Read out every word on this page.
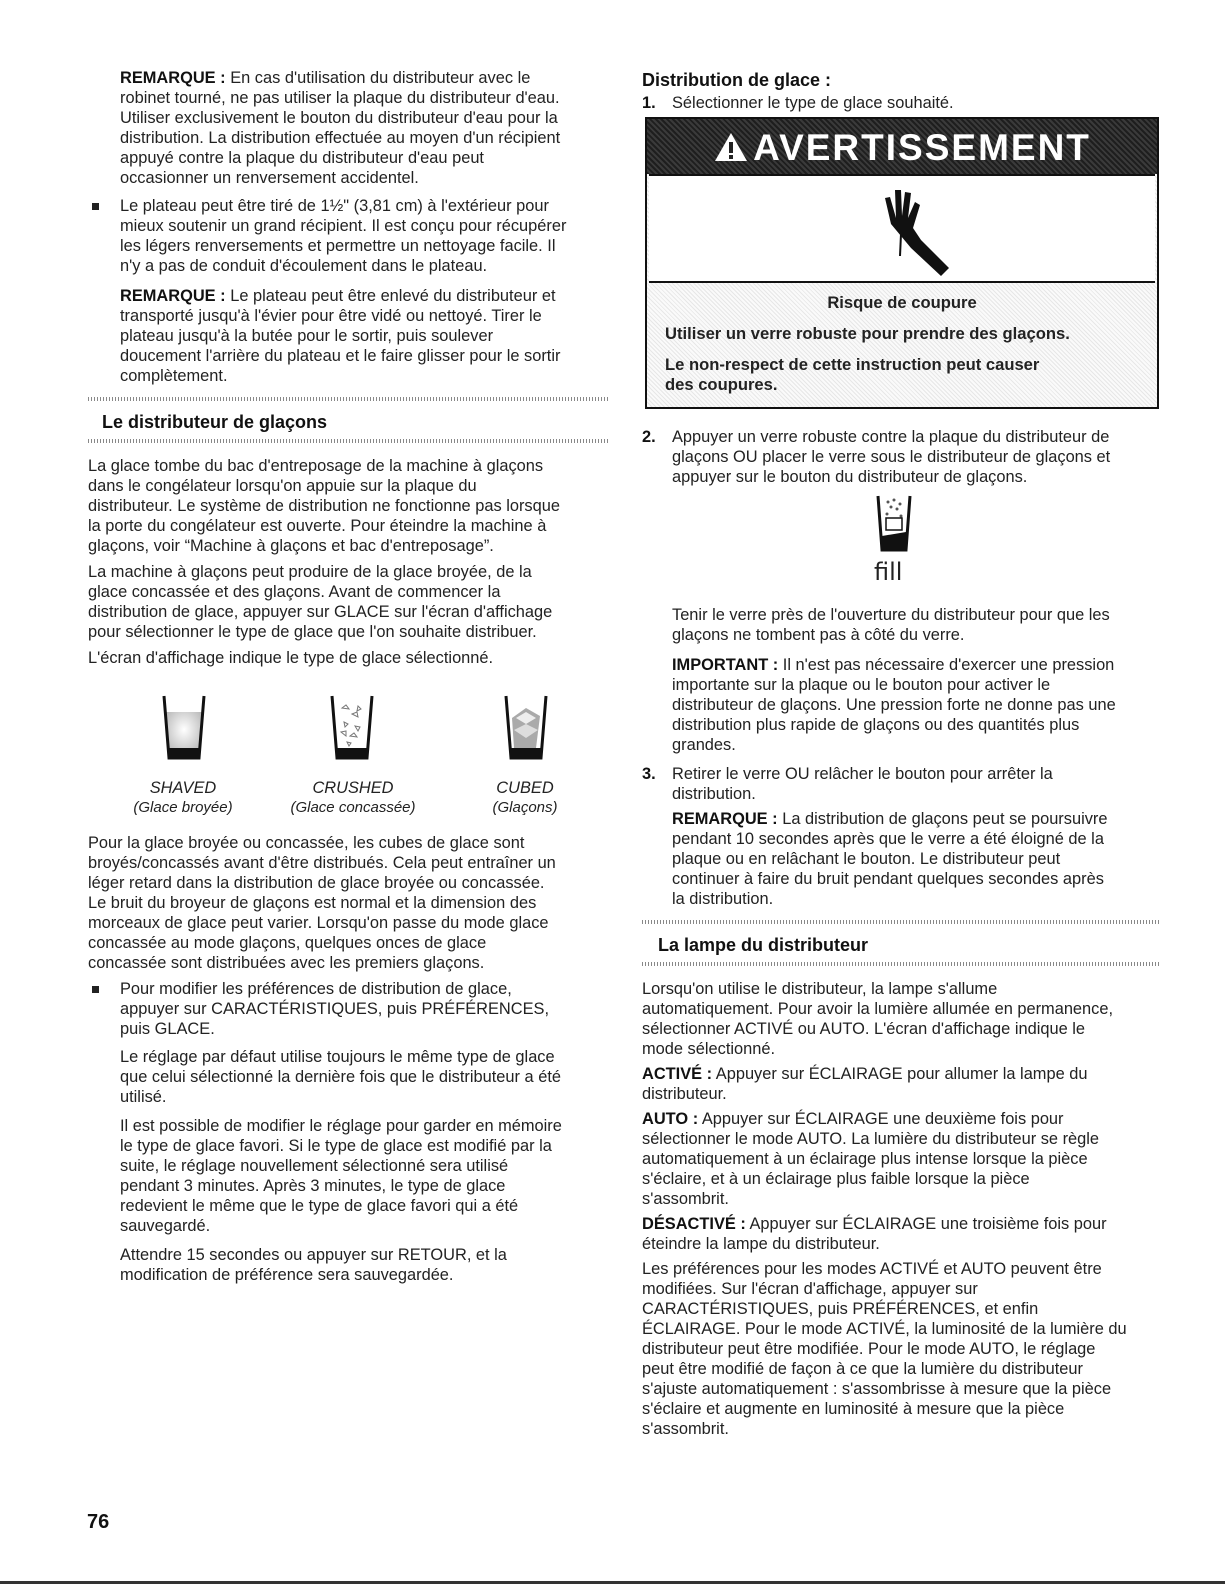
REMARQUE : En cas d'utilisation du distributeur avec le

robinet tourné, ne pas utiliser la plaque du distributeur d'eau.

Utiliser exclusivement le bouton du distributeur d'eau pour la

distribution. La distribution effectuée au moyen d'un récipient

appuyé contre la plaque du distributeur d'eau peut

occasionner un renversement accidentel.

Le plateau peut être tiré de 1½" (3,81 cm) à l'extérieur pour

mieux soutenir un grand récipient. Il est conçu pour récupérer

les légers renversements et permettre un nettoyage facile. Il

n'y a pas de conduit d'écoulement dans le plateau.

REMARQUE : Le plateau peut être enlevé du distributeur et

transporté jusqu'à l'évier pour être vidé ou nettoyé. Tirer le

plateau jusqu'à la butée pour le sortir, puis soulever

doucement l'arrière du plateau et le faire glisser pour le sortir

complètement.

Le distributeur de glaçons

La glace tombe du bac d'entreposage de la machine à glaçons

dans le congélateur lorsqu'on appuie sur la plaque du

distributeur. Le système de distribution ne fonctionne pas lorsque

la porte du congélateur est ouverte. Pour éteindre la machine à

glaçons, voir “Machine à glaçons et bac d'entreposage”.

La machine à glaçons peut produire de la glace broyée, de la

glace concassée et des glaçons. Avant de commencer la

distribution de glace, appuyer sur GLACE sur l'écran d'affichage

pour sélectionner le type de glace que l'on souhaite distribuer.

L'écran d'affichage indique le type de glace sélectionné.

SHAVED

(Glace broyée)

CRUSHED

(Glace concassée)

CUBED

(Glaçons)

Pour la glace broyée ou concassée, les cubes de glace sont

broyés/concassés avant d'être distribués. Cela peut entraîner un

léger retard dans la distribution de glace broyée ou concassée.

Le bruit du broyeur de glaçons est normal et la dimension des

morceaux de glace peut varier. Lorsqu'on passe du mode glace

concassée au mode glaçons, quelques onces de glace

concassée sont distribuées avec les premiers glaçons.

Pour modifier les préférences de distribution de glace,

appuyer sur CARACTÉRISTIQUES, puis PRÉFÉRENCES,

puis GLACE.

Le réglage par défaut utilise toujours le même type de glace

que celui sélectionné la dernière fois que le distributeur a été

utilisé.

Il est possible de modifier le réglage pour garder en mémoire

le type de glace favori. Si le type de glace est modifié par la

suite, le réglage nouvellement sélectionné sera utilisé

pendant 3 minutes. Après 3 minutes, le type de glace

redevient le même que le type de glace favori qui a été

sauvegardé.

Attendre 15 secondes ou appuyer sur RETOUR, et la

modification de préférence sera sauvegardée.

Distribution de glace :
1. Sélectionner le type de glace souhaité.
AVERTISSEMENT
Risque de coupure
Utiliser un verre robuste pour prendre des glaçons.

Le non-respect de cette instruction peut causer

des coupures.

2. Appuyer un verre robuste contre la plaque du distributeur de

glaçons OU placer le verre sous le distributeur de glaçons et

appuyer sur le bouton du distributeur de glaçons.

fill

Tenir le verre près de l'ouverture du distributeur pour que les

glaçons ne tombent pas à côté du verre.

IMPORTANT : Il n'est pas nécessaire d'exercer une pression

importante sur la plaque ou le bouton pour activer le

distributeur de glaçons. Une pression forte ne donne pas une

distribution plus rapide de glaçons ou des quantités plus

grandes.

3. Retirer le verre OU relâcher le bouton pour arrêter la

distribution.

REMARQUE : La distribution de glaçons peut se poursuivre

pendant 10 secondes après que le verre a été éloigné de la

plaque ou en relâchant le bouton. Le distributeur peut

continuer à faire du bruit pendant quelques secondes après

la distribution.

La lampe du distributeur

Lorsqu'on utilise le distributeur, la lampe s'allume

automatiquement. Pour avoir la lumière allumée en permanence,

sélectionner ACTIVÉ ou AUTO. L'écran d'affichage indique le

mode sélectionné.

ACTIVÉ : Appuyer sur ÉCLAIRAGE pour allumer la lampe du

distributeur.

AUTO : Appuyer sur ÉCLAIRAGE une deuxième fois pour

sélectionner le mode AUTO. La lumière du distributeur se règle

automatiquement à un éclairage plus intense lorsque la pièce

s'éclaire, et à un éclairage plus faible lorsque la pièce

s'assombrit.

DÉSACTIVÉ : Appuyer sur ÉCLAIRAGE une troisième fois pour

éteindre la lampe du distributeur.

Les préférences pour les modes ACTIVÉ et AUTO peuvent être

modifiées. Sur l'écran d'affichage, appuyer sur

CARACTÉRISTIQUES, puis PRÉFÉRENCES, et enfin

ÉCLAIRAGE. Pour le mode ACTIVÉ, la luminosité de la lumière du

distributeur peut être modifiée. Pour le mode AUTO, le réglage

peut être modifié de façon à ce que la lumière du distributeur

s'ajuste automatiquement : s'assombrisse à mesure que la pièce

s'éclaire et augmente en luminosité à mesure que la pièce

s'assombrit.

76
